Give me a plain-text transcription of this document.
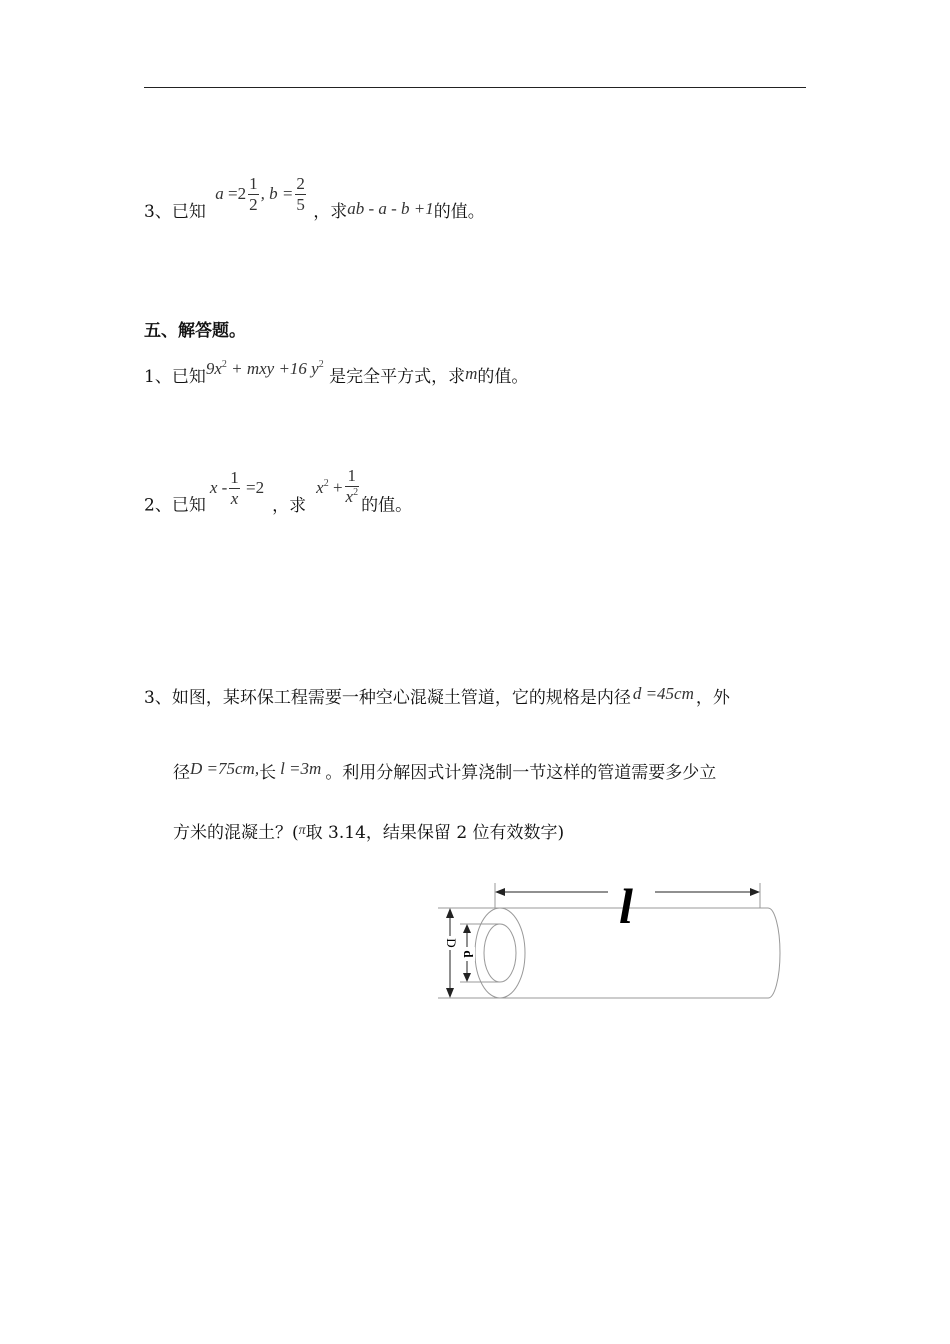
3、已知 $a =2 \frac{1}{2}$ , $b = \frac{2}{5}$ ，求ab - a - b +1的值。
五、解答题。
1、已知$9x^2$ + mxy +16 $y^2$ 是完全平方式，求m的值。
2、已知$x - \frac{1}{x} =2$，求$x^2 + \frac{1}{x^2}$ 的值。
3、如图，某环保工程需要一种空心混凝土管道，它的规格是内径 d =45cm ，外
径D =75cm,长 l =3m 。利用分解因式计算浇制一节这样的管道需要多少立
方米的混凝土？($^\pi$取 3.14，结果保留 2 位有效数字)
D
d
l
